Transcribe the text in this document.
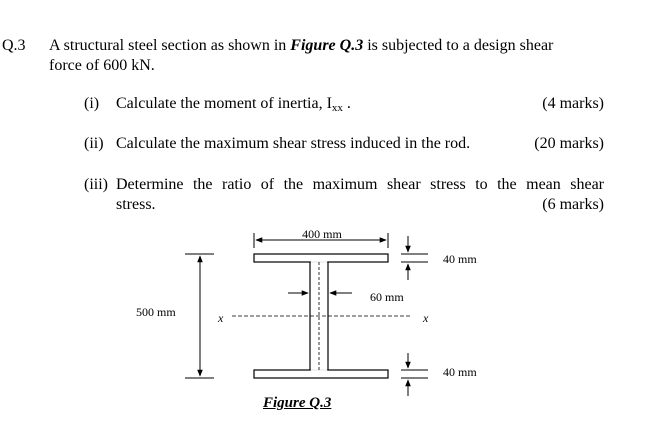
Q.3 A structural steel section as shown in Figure Q.3 is subjected to a design shear
force of 600 kN.
(i) Calculate the moment of inertia, $I_{xx}$ .	(4 marks)
(ii) Calculate the maximum shear stress induced in the rod.	(20 marks)
(iii) Determine the ratio of the maximum shear stress to the mean shear
stress.	(6 marks)
400 mm
40 mm
60 mm
500 mm	x	x
40 mm
Figure Q.3
